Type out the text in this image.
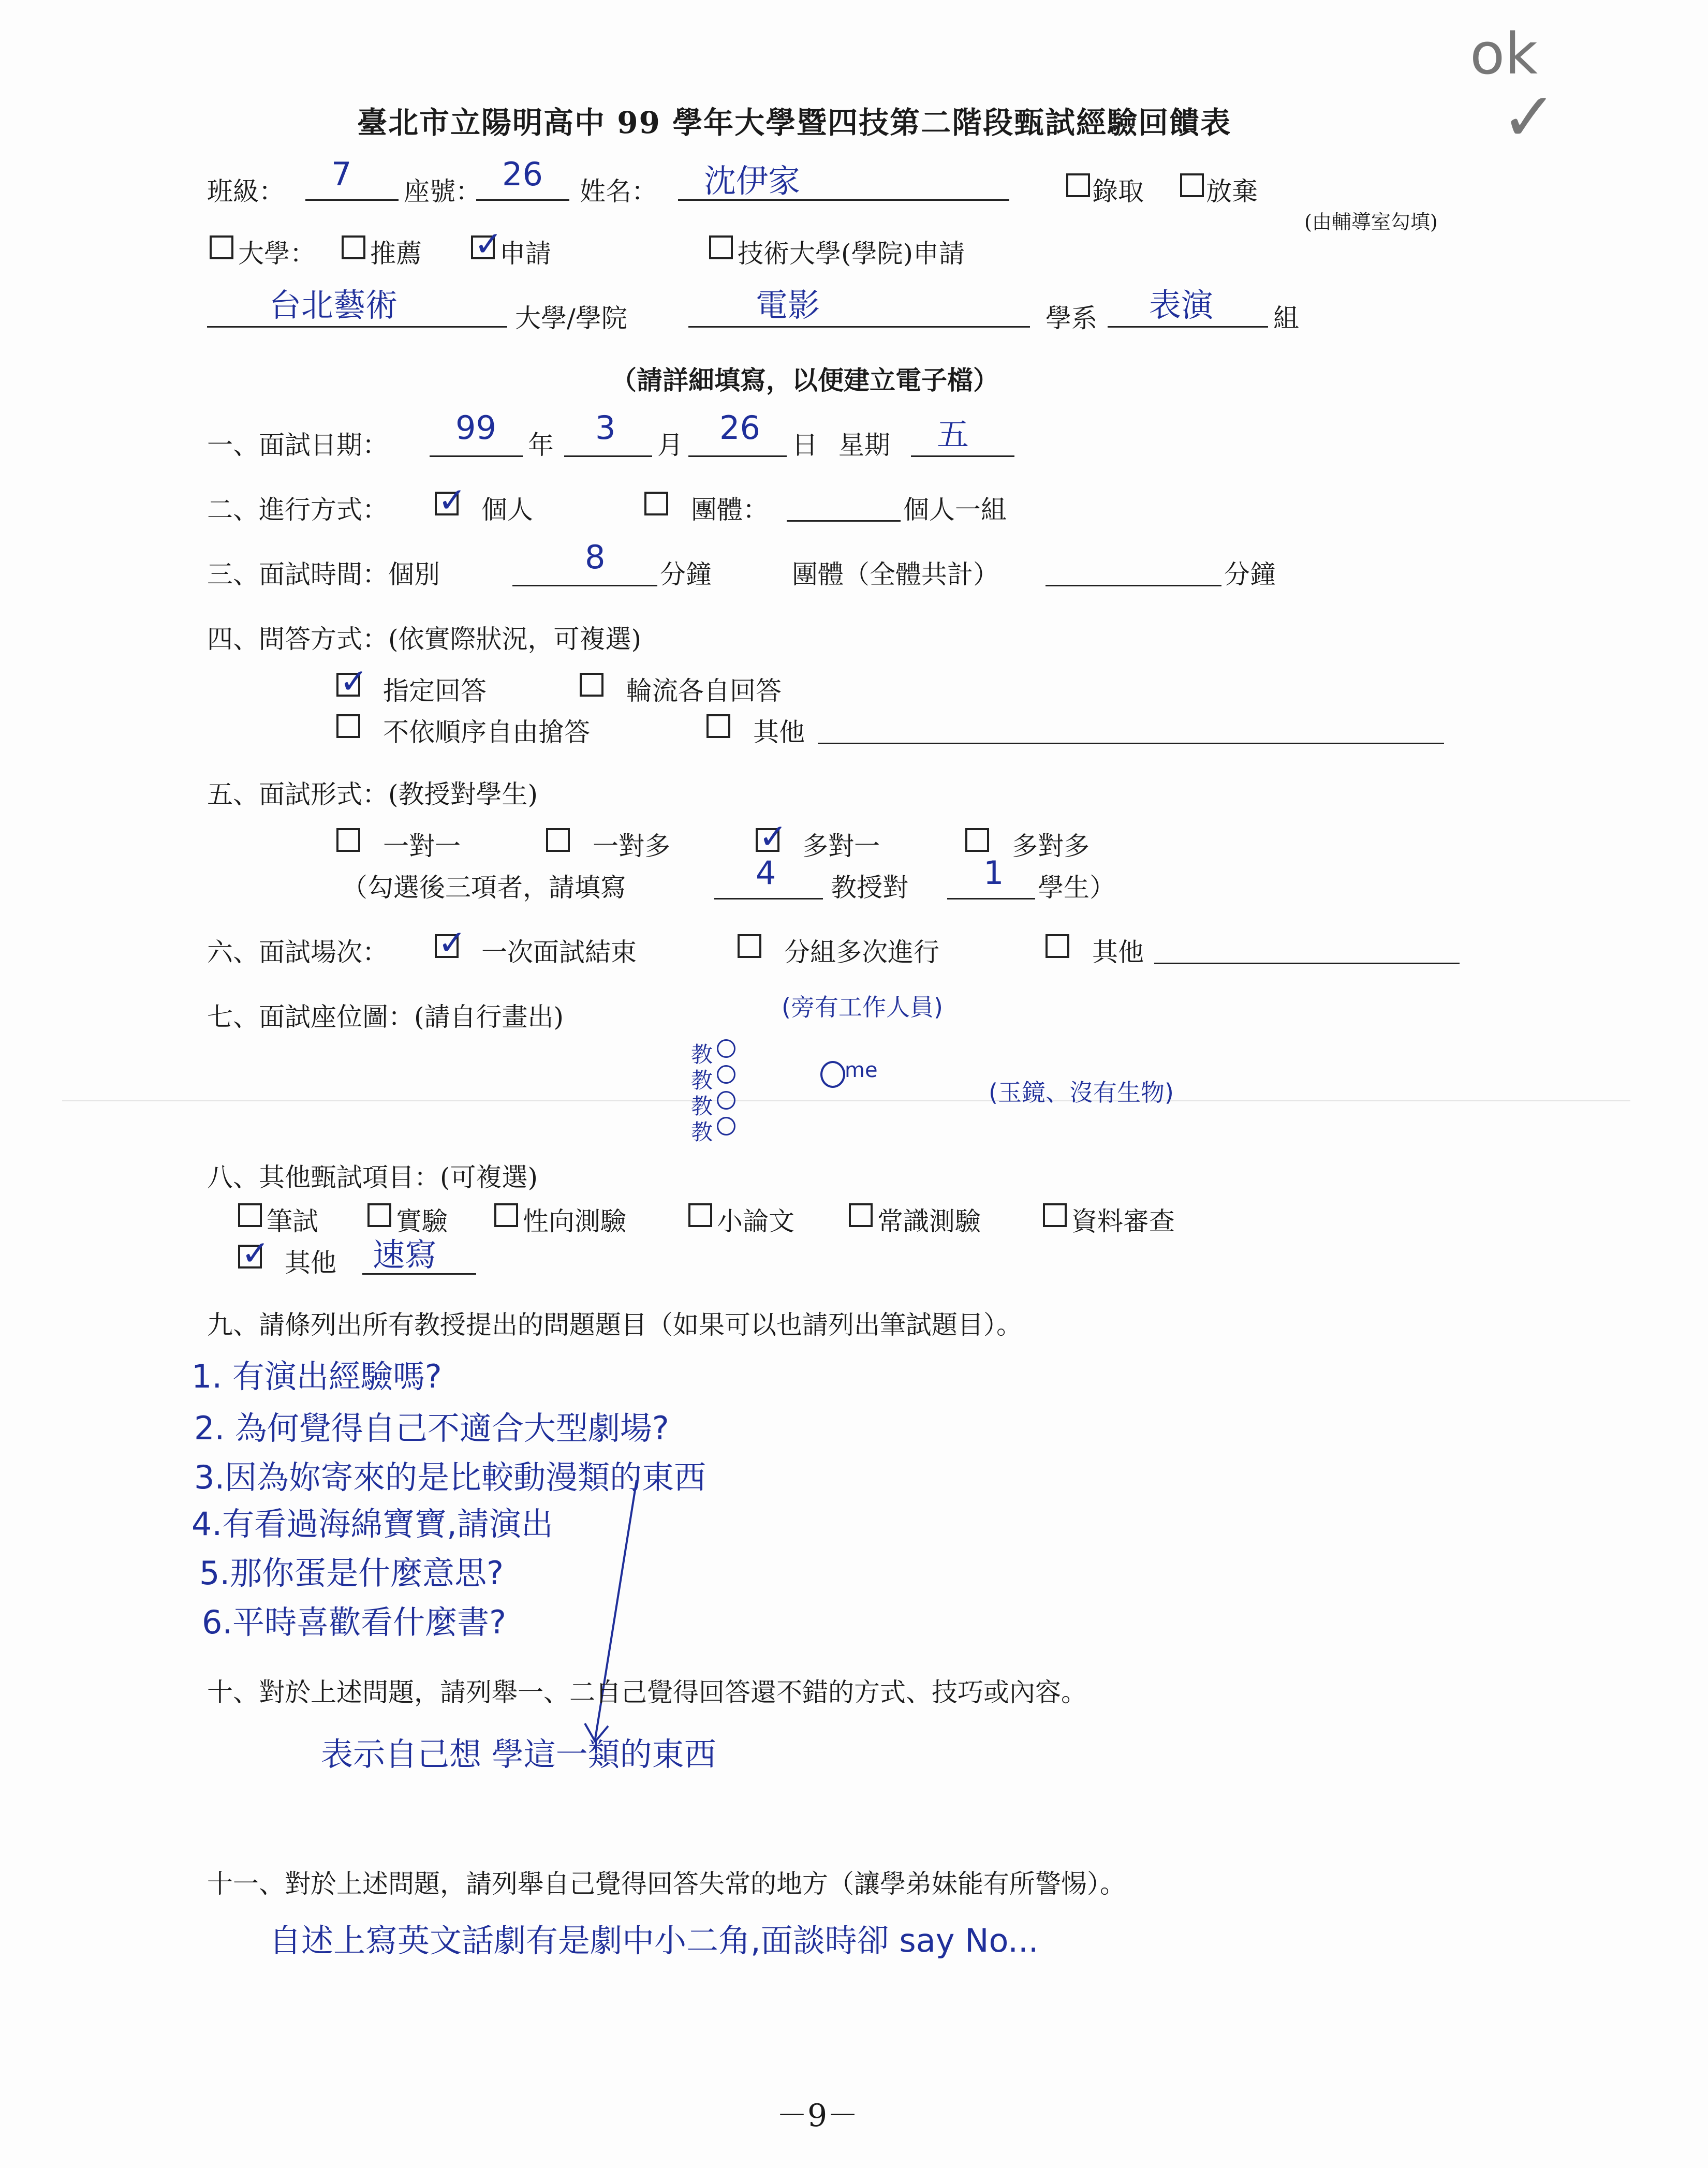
ok
✓
臺北市立陽明高中 99 學年大學暨四技第二階段甄試經驗回饋表
班級： 7 座號： 26 姓名： 沈伊家	錄取 放棄
(由輔導室勾填)
大學： 推薦 ✓
申請	技術大學(學院)申請
台北藝術	大學/學院	電影	學系 表演 組
（請詳細填寫，以便建立電子檔）
一、面試日期： 99 年 3 月 26 日 星期 五
二、進行方式： ✓ 個人	團體：	個人一組
三、面試時間：個別	8 分鐘	團體（全體共計）	分鐘
四、問答方式：(依實際狀況，可複選)
✓ 指定回答	輪流各自回答
不依順序自由搶答	其他
五、面試形式：(教授對學生)
一對一	一對多	✓ 多對一	多對多
（勾選後三項者，請填寫	4 教授對 1 學生）
六、面試場次： ✓ 一次面試結束	分組多次進行	其他
七、面試座位圖：(請自行畫出)	(旁有工作人員)
教
教
教
教
me
(玉鏡、沒有生物)
八、其他甄試項目：(可複選)
筆試	實驗	性向測驗	小論文	常識測驗	資料審查
✓ 其他 速寫
九、請條列出所有教授提出的問題題目（如果可以也請列出筆試題目）。
1. 有演出經驗嗎?
2. 為何覺得自己不適合大型劇場?
3.因為妳寄來的是比較動漫類的東西
4.有看過海綿寶寶,請演出
5.那你蛋是什麼意思?
6.平時喜歡看什麼書?
十、對於上述問題，請列舉一、二自己覺得回答還不錯的方式、技巧或內容。
表示自己想 學這一類的東西
十一、對於上述問題，請列舉自己覺得回答失常的地方（讓學弟妹能有所警惕）。
自述上寫英文話劇有是劇中小二角,面談時卻 say No...
－9－
